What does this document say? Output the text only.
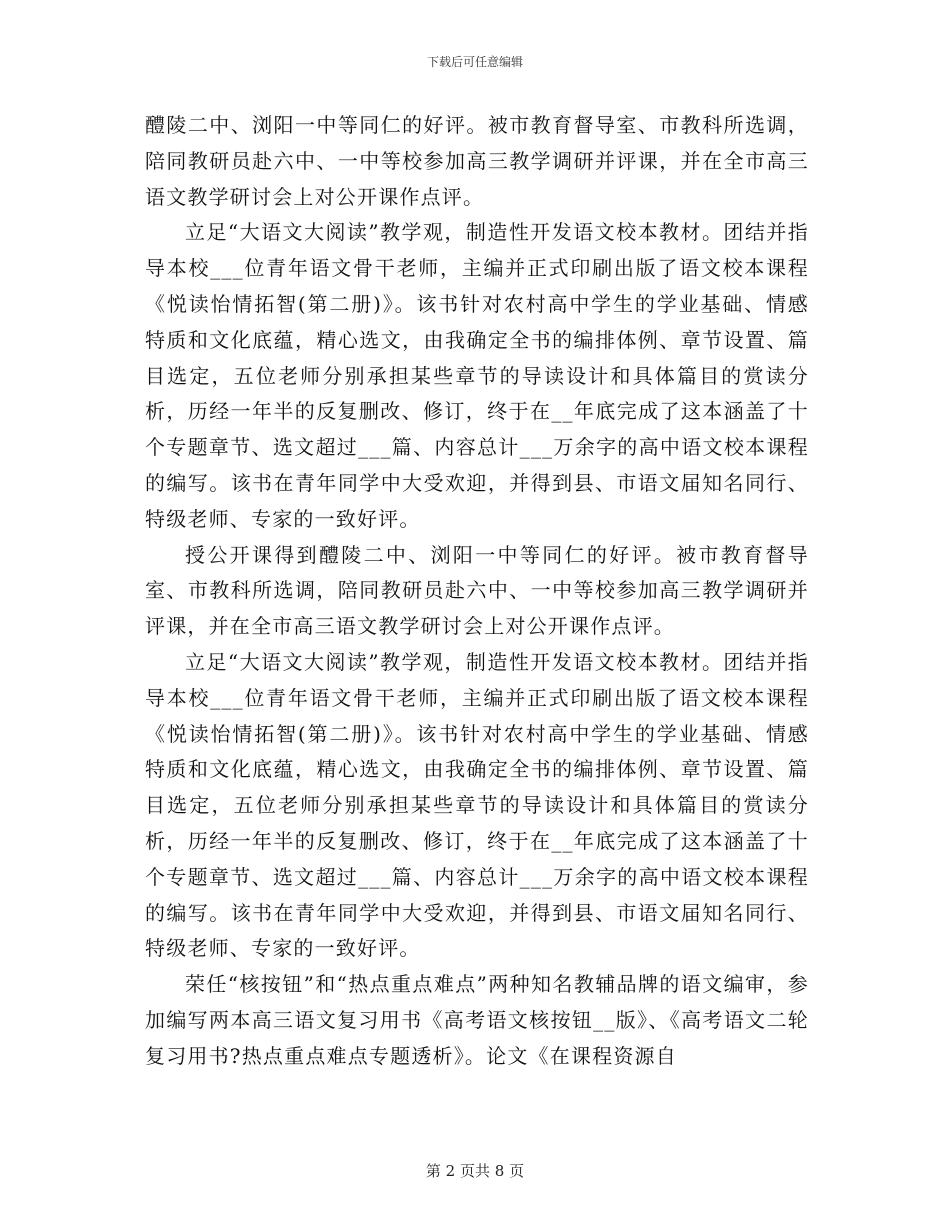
下载后可任意编辑

醴陵二中、浏阳一中等同仁的好评。被市教育督导室、市教科所选调，陪同教研员赴六中、一中等校参加高三教学调研并评课，并在全市高三语文教学研讨会上对公开课作点评。

立足“大语文大阅读”教学观，制造性开发语文校本教材。团结并指导本校___位青年语文骨干老师，主编并正式印刷出版了语文校本课程《悦读怡情拓智(第二册)》。该书针对农村高中学生的学业基础、情感特质和文化底蕴，精心选文，由我确定全书的编排体例、章节设置、篇目选定，五位老师分别承担某些章节的导读设计和具体篇目的赏读分析，历经一年半的反复删改、修订，终于在__年底完成了这本涵盖了十个专题章节、选文超过___篇、内容总计___万余字的高中语文校本课程的编写。该书在青年同学中大受欢迎，并得到县、市语文届知名同行、特级老师、专家的一致好评。

授公开课得到醴陵二中、浏阳一中等同仁的好评。被市教育督导室、市教科所选调，陪同教研员赴六中、一中等校参加高三教学调研并评课，并在全市高三语文教学研讨会上对公开课作点评。

立足“大语文大阅读”教学观，制造性开发语文校本教材。团结并指导本校___位青年语文骨干老师，主编并正式印刷出版了语文校本课程《悦读怡情拓智(第二册)》。该书针对农村高中学生的学业基础、情感特质和文化底蕴，精心选文，由我确定全书的编排体例、章节设置、篇目选定，五位老师分别承担某些章节的导读设计和具体篇目的赏读分析，历经一年半的反复删改、修订，终于在__年底完成了这本涵盖了十个专题章节、选文超过___篇、内容总计___万余字的高中语文校本课程的编写。该书在青年同学中大受欢迎，并得到县、市语文届知名同行、特级老师、专家的一致好评。

荣任“核按钮”和“热点重点难点”两种知名教辅品牌的语文编审，参加编写两本高三语文复习用书《高考语文核按钮__版》、《高考语文二轮复习用书?热点重点难点专题透析》。论文《在课程资源自

第 2 页共 8 页
